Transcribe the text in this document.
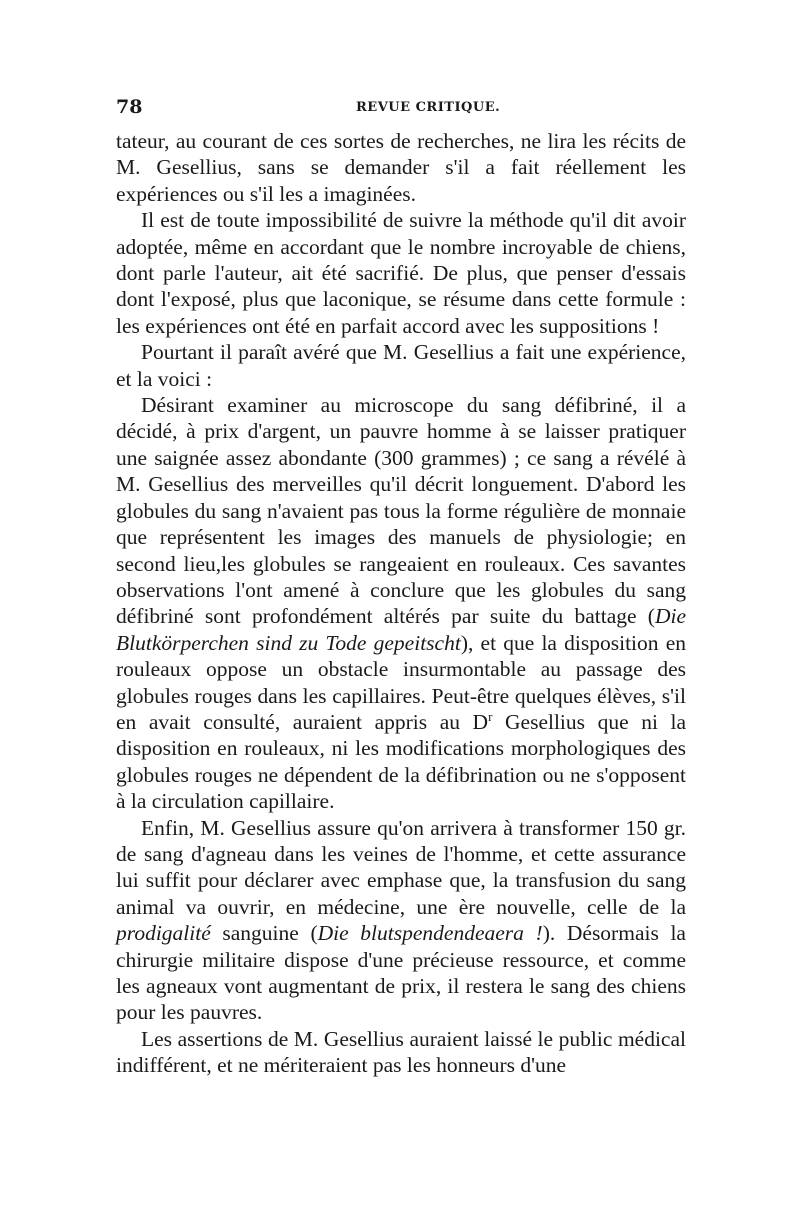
78	REVUE CRITIQUE.

tateur, au courant de ces sortes de recherches, ne lira les récits de M. Gesellius, sans se demander s'il a fait réellement les expériences ou s'il les a imaginées.

Il est de toute impossibilité de suivre la méthode qu'il dit avoir adoptée, même en accordant que le nombre incroyable de chiens, dont parle l'auteur, ait été sacrifié. De plus, que penser d'essais dont l'exposé, plus que laconique, se résume dans cette formule : les expériences ont été en parfait accord avec les suppositions !

Pourtant il paraît avéré que M. Gesellius a fait une expérience, et la voici :

Désirant examiner au microscope du sang défibriné, il a décidé, à prix d'argent, un pauvre homme à se laisser pratiquer une saignée assez abondante (300 grammes) ; ce sang a révélé à M. Gesellius des merveilles qu'il décrit longuement. D'abord les globules du sang n'avaient pas tous la forme régulière de monnaie que représentent les images des manuels de physiologie; en second lieu,les globules se rangeaient en rouleaux. Ces savantes observations l'ont amené à conclure que les globules du sang défibriné sont profondément altérés par suite du battage (Die Blutkörperchen sind zu Tode gepeitscht), et que la disposition en rouleaux oppose un obstacle insurmontable au passage des globules rouges dans les capillaires. Peut-être quelques élèves, s'il en avait consulté, auraient appris au $D^r$ Gesellius que ni la disposition en rouleaux, ni les modifications morphologiques des globules rouges ne dépendent de la défibrination ou ne s'opposent à la circulation capillaire.

Enfin, M. Gesellius assure qu'on arrivera à transformer 150 gr. de sang d'agneau dans les veines de l'homme, et cette assurance lui suffit pour déclarer avec emphase que, la transfusion du sang animal va ouvrir, en médecine, une ère nouvelle, celle de la prodigalité sanguine (Die blutspendendeaera !). Désormais la chirurgie militaire dispose d'une précieuse ressource, et comme les agneaux vont augmentant de prix, il restera le sang des chiens pour les pauvres.

Les assertions de M. Gesellius auraient laissé le public médical indifférent, et ne mériteraient pas les honneurs d'une
